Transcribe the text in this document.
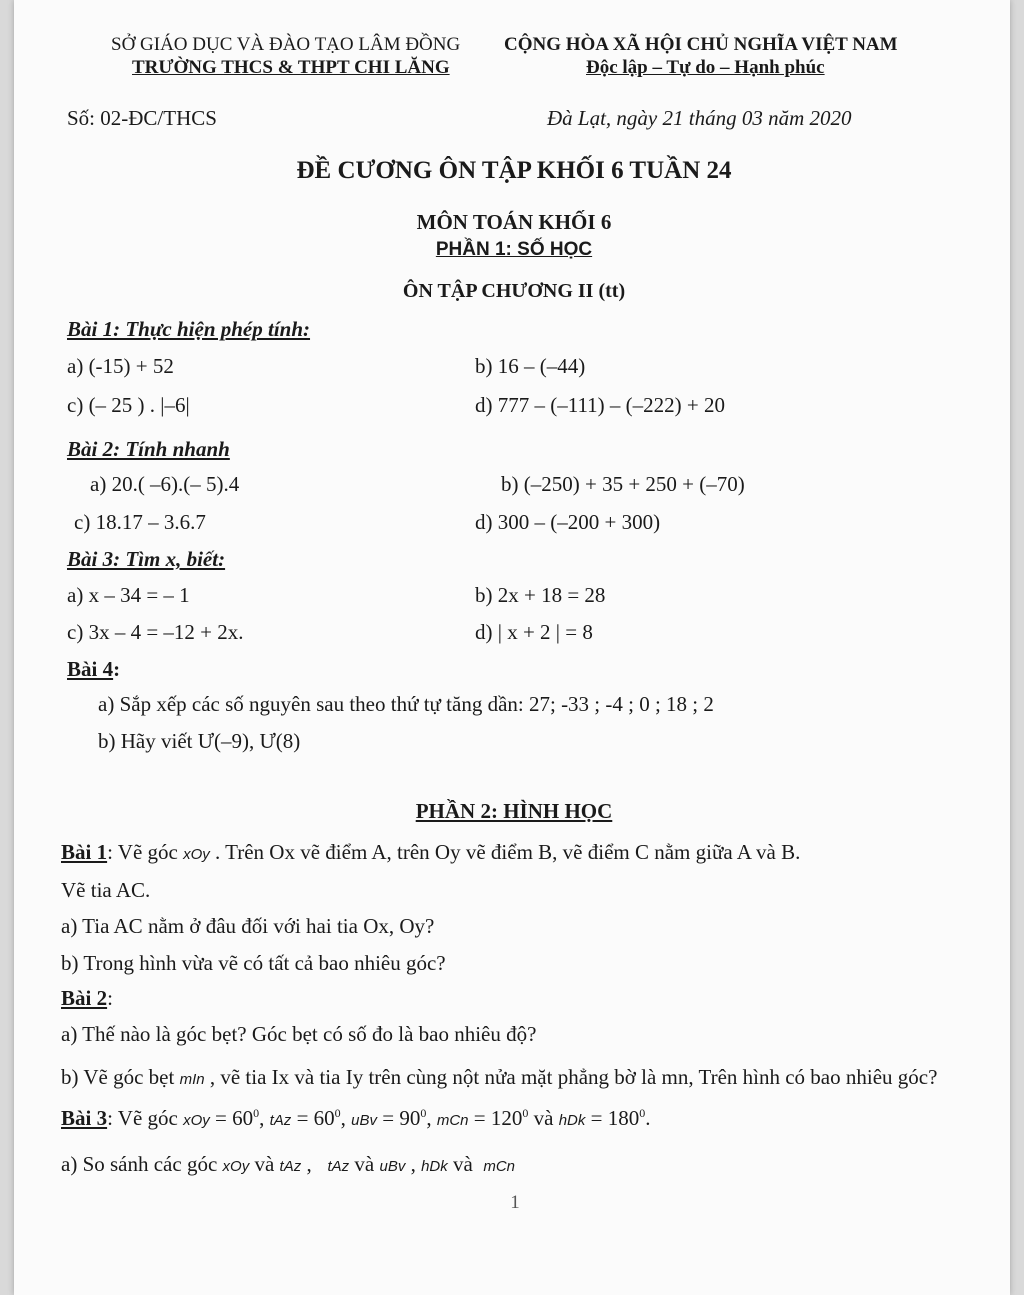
SỞ GIÁO DỤC VÀ ĐÀO TẠO LÂM ĐỒNG
TRƯỜNG THCS & THPT CHI LĂNG
CỘNG HÒA XÃ HỘI CHỦ NGHĨA VIỆT NAM
Độc lập – Tự do – Hạnh phúc
Số: 02-ĐC/THCS	Đà Lạt, ngày 21 tháng 03 năm 2020
ĐỀ CƯƠNG ÔN TẬP KHỐI 6 TUẦN 24
MÔN TOÁN KHỐI 6
PHẦN 1: SỐ HỌC
ÔN TẬP CHƯƠNG II (tt)
Bài 1: Thực hiện phép tính:
a) (-15) + 52	b) 16 – (–44)
c) (– 25 ) . |–6|	d) 777 – (–111) – (–222) + 20
Bài 2: Tính nhanh
a) 20.( –6).(– 5).4	b) (–250) + 35 + 250 + (–70)
c) 18.17 – 3.6.7	d) 300 – (–200 + 300)
Bài 3: Tìm x, biết:
a) x – 34 = – 1	b) 2x + 18 = 28
c) 3x – 4 = –12 + 2x.	d) | x + 2 | = 8
Bài 4:
a) Sắp xếp các số nguyên sau theo thứ tự tăng dần: 27; -33 ; -4 ; 0 ; 18 ; 2
b) Hãy viết Ư(–9), Ư(8)
PHẦN 2: HÌNH HỌC
Bài 1: Vẽ góc xOy . Trên Ox vẽ điểm A, trên Oy vẽ điểm B, vẽ điểm C nằm giữa A và B.
Vẽ tia AC.
a) Tia AC nằm ở đâu đối với hai tia Ox, Oy?
b) Trong hình vừa vẽ có tất cả bao nhiêu góc?
Bài 2:
a) Thế nào là góc bẹt? Góc bẹt có số đo là bao nhiêu độ?
b) Vẽ góc bẹt mIn , vẽ tia Ix và tia Iy trên cùng nột nửa mặt phẳng bờ là mn, Trên hình có bao nhiêu góc?
Bài 3: Vẽ góc xOy = $60^0$, tAz = $60^0$, uBv = $90^0$, mCn = $120^0$ và hDk = $180^0$.
a) So sánh các góc xOy và tAz ,   tAz và uBv , hDk và  mCn
1
